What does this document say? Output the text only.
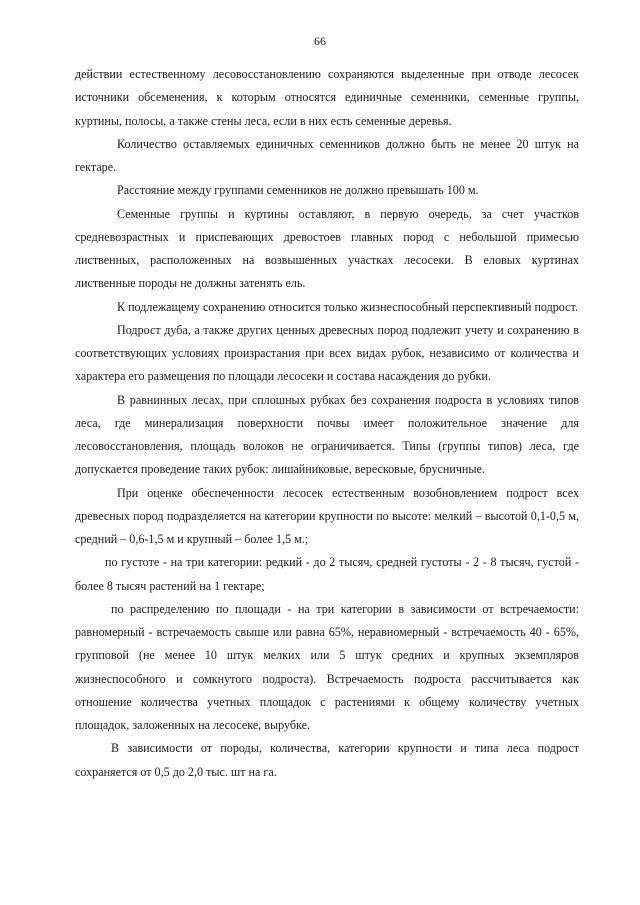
66

действии естественному лесовосстановлению сохраняются выделенные при отводе лесосек источники обсеменения, к которым относятся единичные семенники, семенные группы, куртины, полосы, а также стены леса, если в них есть семенные деревья.

Количество оставляемых единичных семенников должно быть не менее 20 штук на гектаре.

Расстояние между группами семенников не должно превышать 100 м.

Семенные группы и куртины оставляют, в первую очередь, за счет участков средневозрастных и приспевающих древостоев главных пород с небольшой примесью лиственных, расположенных на возвышенных участках лесосеки. В еловых куртинах лиственные породы не должны затенять ель.

К подлежащему сохранению относится только жизнеспособный перспективный подрост.

Подрост дуба, а также других ценных древесных пород подлежит учету и сохранению в соответствующих условиях произрастания при всех видах рубок, независимо от количества и характера его размещения по площади лесосеки и состава насаждения до рубки.

В равнинных лесах, при сплошных рубках без сохранения подроста в условиях типов леса, где минерализация поверхности почвы имеет положительное значение для лесовосстановления, площадь волоков не ограничивается. Типы (группы типов) леса, где допускается проведение таких рубок: лишайниковые, вересковые, брусничные.

При оценке обеспеченности лесосек естественным возобновлением подрост всех древесных пород подразделяется на категории крупности по высоте: мелкий – высотой 0,1-0,5 м, средний – 0,6-1,5 м и крупный – более 1,5 м.;

по густоте - на три категории: редкий - до 2 тысяч, средней густоты - 2 - 8 тысяч, густой - более 8 тысяч растений на 1 гектаре;

по распределению по площади - на три категории в зависимости от встречаемости: равномерный - встречаемость свыше или равна 65%, неравномерный - встречаемость 40 - 65%, групповой (не менее 10 штук мелких или 5 штук средних и крупных экземпляров жизнеспособного и сомкнутого подроста). Встречаемость подроста рассчитывается как отношение количества учетных площадок с растениями к общему количеству учетных площадок, заложенных на лесосеке, вырубке.

В зависимости от породы, количества, категории крупности и типа леса подрост сохраняется от 0,5 до 2,0 тыс. шт на га.
